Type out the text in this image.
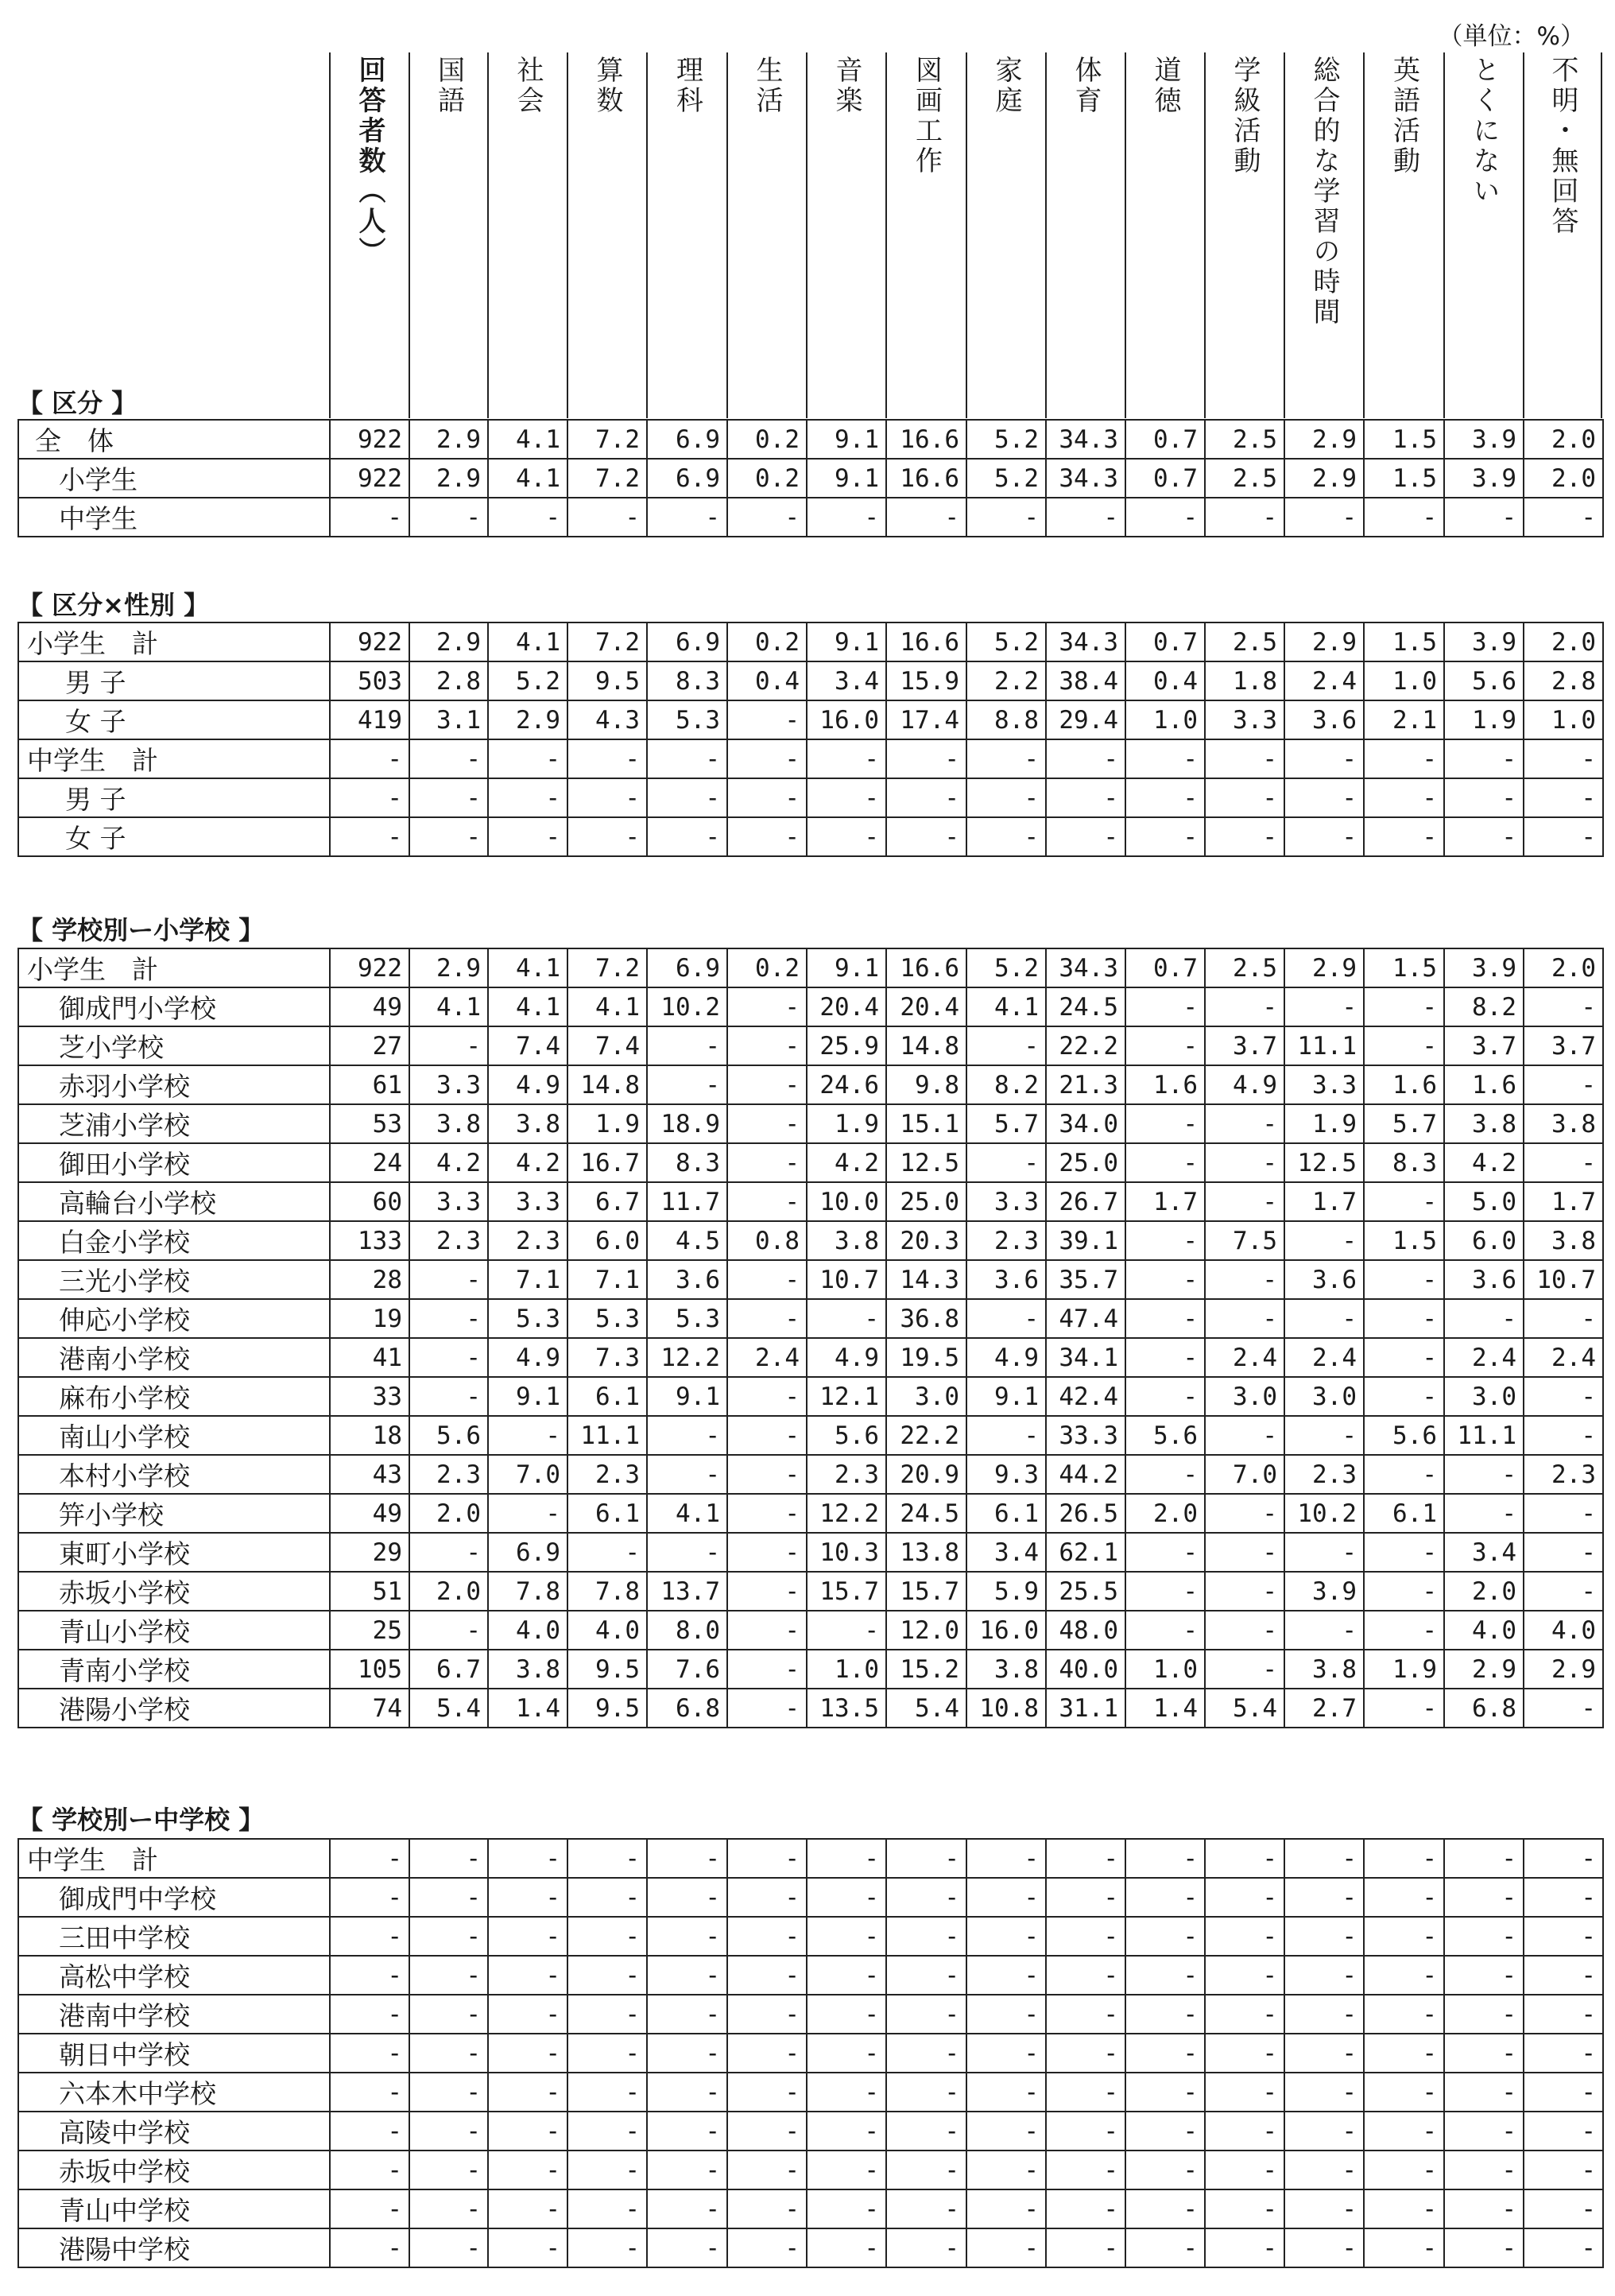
（単位：%）
回答者数（人） 国語 社会 算数 理科 生活 音楽 図画工作 家庭 体育 道徳 学級活動 総合的な学習の時間 英語活動 とくにない 不明・無回答
【 区分 】
全　体	922	2.9	4.1	7.2	6.9	0.2	9.1	16.6	5.2	34.3	0.7	2.5	2.9	1.5	3.9	2.0
小学生	922	2.9	4.1	7.2	6.9	0.2	9.1	16.6	5.2	34.3	0.7	2.5	2.9	1.5	3.9	2.0
中学生	-	-	-	-	-	-	-	-	-	-	-	-	-	-	-	-
【 区分×性別 】
小学生　計	922	2.9	4.1	7.2	6.9	0.2	9.1	16.6	5.2	34.3	0.7	2.5	2.9	1.5	3.9	2.0
男 子	503	2.8	5.2	9.5	8.3	0.4	3.4	15.9	2.2	38.4	0.4	1.8	2.4	1.0	5.6	2.8
女 子	419	3.1	2.9	4.3	5.3	-	16.0	17.4	8.8	29.4	1.0	3.3	3.6	2.1	1.9	1.0
中学生　計	-	-	-	-	-	-	-	-	-	-	-	-	-	-	-	-
男 子	-	-	-	-	-	-	-	-	-	-	-	-	-	-	-	-
女 子	-	-	-	-	-	-	-	-	-	-	-	-	-	-	-	-
【 学校別ー小学校 】
小学生　計	922	2.9	4.1	7.2	6.9	0.2	9.1	16.6	5.2	34.3	0.7	2.5	2.9	1.5	3.9	2.0
御成門小学校	49	4.1	4.1	4.1	10.2	-	20.4	20.4	4.1	24.5	-	-	-	-	8.2	-
芝小学校	27	-	7.4	7.4	-	-	25.9	14.8	-	22.2	-	3.7	11.1	-	3.7	3.7
赤羽小学校	61	3.3	4.9	14.8	-	-	24.6	9.8	8.2	21.3	1.6	4.9	3.3	1.6	1.6	-
芝浦小学校	53	3.8	3.8	1.9	18.9	-	1.9	15.1	5.7	34.0	-	-	1.9	5.7	3.8	3.8
御田小学校	24	4.2	4.2	16.7	8.3	-	4.2	12.5	-	25.0	-	-	12.5	8.3	4.2	-
高輪台小学校	60	3.3	3.3	6.7	11.7	-	10.0	25.0	3.3	26.7	1.7	-	1.7	-	5.0	1.7
白金小学校	133	2.3	2.3	6.0	4.5	0.8	3.8	20.3	2.3	39.1	-	7.5	-	1.5	6.0	3.8
三光小学校	28	-	7.1	7.1	3.6	-	10.7	14.3	3.6	35.7	-	-	3.6	-	3.6	10.7
伸応小学校	19	-	5.3	5.3	5.3	-	-	36.8	-	47.4	-	-	-	-	-	-
港南小学校	41	-	4.9	7.3	12.2	2.4	4.9	19.5	4.9	34.1	-	2.4	2.4	-	2.4	2.4
麻布小学校	33	-	9.1	6.1	9.1	-	12.1	3.0	9.1	42.4	-	3.0	3.0	-	3.0	-
南山小学校	18	5.6	-	11.1	-	-	5.6	22.2	-	33.3	5.6	-	-	5.6	11.1	-
本村小学校	43	2.3	7.0	2.3	-	-	2.3	20.9	9.3	44.2	-	7.0	2.3	-	-	2.3
笄小学校	49	2.0	-	6.1	4.1	-	12.2	24.5	6.1	26.5	2.0	-	10.2	6.1	-	-
東町小学校	29	-	6.9	-	-	-	10.3	13.8	3.4	62.1	-	-	-	-	3.4	-
赤坂小学校	51	2.0	7.8	7.8	13.7	-	15.7	15.7	5.9	25.5	-	-	3.9	-	2.0	-
青山小学校	25	-	4.0	4.0	8.0	-	-	12.0	16.0	48.0	-	-	-	-	4.0	4.0
青南小学校	105	6.7	3.8	9.5	7.6	-	1.0	15.2	3.8	40.0	1.0	-	3.8	1.9	2.9	2.9
港陽小学校	74	5.4	1.4	9.5	6.8	-	13.5	5.4	10.8	31.1	1.4	5.4	2.7	-	6.8	-
【 学校別ー中学校 】
中学生　計	-	-	-	-	-	-	-	-	-	-	-	-	-	-	-	-
御成門中学校	-	-	-	-	-	-	-	-	-	-	-	-	-	-	-	-
三田中学校	-	-	-	-	-	-	-	-	-	-	-	-	-	-	-	-
高松中学校	-	-	-	-	-	-	-	-	-	-	-	-	-	-	-	-
港南中学校	-	-	-	-	-	-	-	-	-	-	-	-	-	-	-	-
朝日中学校	-	-	-	-	-	-	-	-	-	-	-	-	-	-	-	-
六本木中学校	-	-	-	-	-	-	-	-	-	-	-	-	-	-	-	-
高陵中学校	-	-	-	-	-	-	-	-	-	-	-	-	-	-	-	-
赤坂中学校	-	-	-	-	-	-	-	-	-	-	-	-	-	-	-	-
青山中学校	-	-	-	-	-	-	-	-	-	-	-	-	-	-	-	-
港陽中学校	-	-	-	-	-	-	-	-	-	-	-	-	-	-	-	-
